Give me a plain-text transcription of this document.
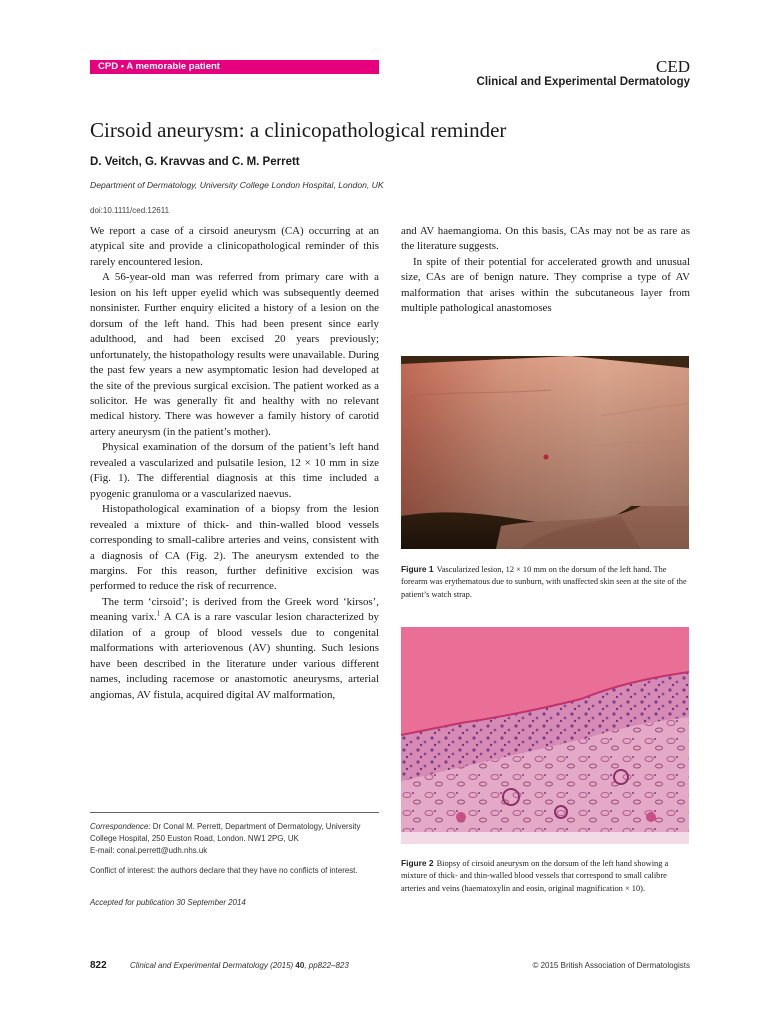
CPD • A memorable patient	CED
Clinical and Experimental Dermatology
Cirsoid aneurysm: a clinicopathological reminder
D. Veitch, G. Kravvas and C. M. Perrett
Department of Dermatology, University College London Hospital, London, UK
doi:10.1111/ced.12611

We report a case of a cirsoid aneurysm (CA) occurring at an atypical site and provide a clinicopathological reminder of this rarely encountered lesion.

A 56-year-old man was referred from primary care with a lesion on his left upper eyelid which was subsequently deemed nonsinister. Further enquiry elicited a history of a lesion on the dorsum of the left hand. This had been present since early adulthood, and had been excised 20 years previously; unfortunately, the histopathology results were unavailable. During the past few years a new asymptomatic lesion had developed at the site of the previous surgical excision. The patient worked as a solicitor. He was generally fit and healthy with no relevant medical history. There was however a family history of carotid artery aneurysm (in the patient’s mother).

Physical examination of the dorsum of the patient’s left hand revealed a vascularized and pulsatile lesion, 12 × 10 mm in size (Fig. 1). The differential diagnosis at this time included a pyogenic granuloma or a vascularized naevus.

Histopathological examination of a biopsy from the lesion revealed a mixture of thick- and thin-walled blood vessels corresponding to small-calibre arteries and veins, consistent with a diagnosis of CA (Fig. 2). The aneurysm extended to the margins. For this reason, further definitive excision was performed to reduce the risk of recurrence.

The term ‘cirsoid’; is derived from the Greek word ‘kirsos’, meaning varix.$^1$ A CA is a rare vascular lesion characterized by dilation of a group of blood vessels due to congenital malformations with arteriovenous (AV) shunting. Such lesions have been described in the literature under various different names, including racemose or anastomotic aneurysms, arterial angiomas, AV fistula, acquired digital AV malformation,

and AV haemangioma. On this basis, CAs may not be as rare as the literature suggests.

In spite of their potential for accelerated growth and unusual size, CAs are of benign nature. They comprise a type of AV malformation that arises within the subcutaneous layer from multiple pathological anastomoses

Figure 1 Vascularized lesion, 12 × 10 mm on the dorsum of the left hand. The forearm was erythematous due to sunburn, with unaffected skin seen at the site of the patient’s watch strap.
Figure 2 Biopsy of cirsoid aneurysm on the dorsum of the left hand showing a mixture of thick- and thin-walled blood vessels that correspond to small calibre arteries and veins (haematoxylin and eosin, original magnification × 10).
Correspondence: Dr Conal M. Perrett, Department of Dermatology, University College Hospital, 250 Euston Road, London. NW1 2PG, UK
E-mail: conal.perrett@udh.nhs.uk
Conflict of interest: the authors declare that they have no conflicts of interest.
Accepted for publication 30 September 2014
822	Clinical and Experimental Dermatology (2015) 40, pp822–823	© 2015 British Association of Dermatologists
